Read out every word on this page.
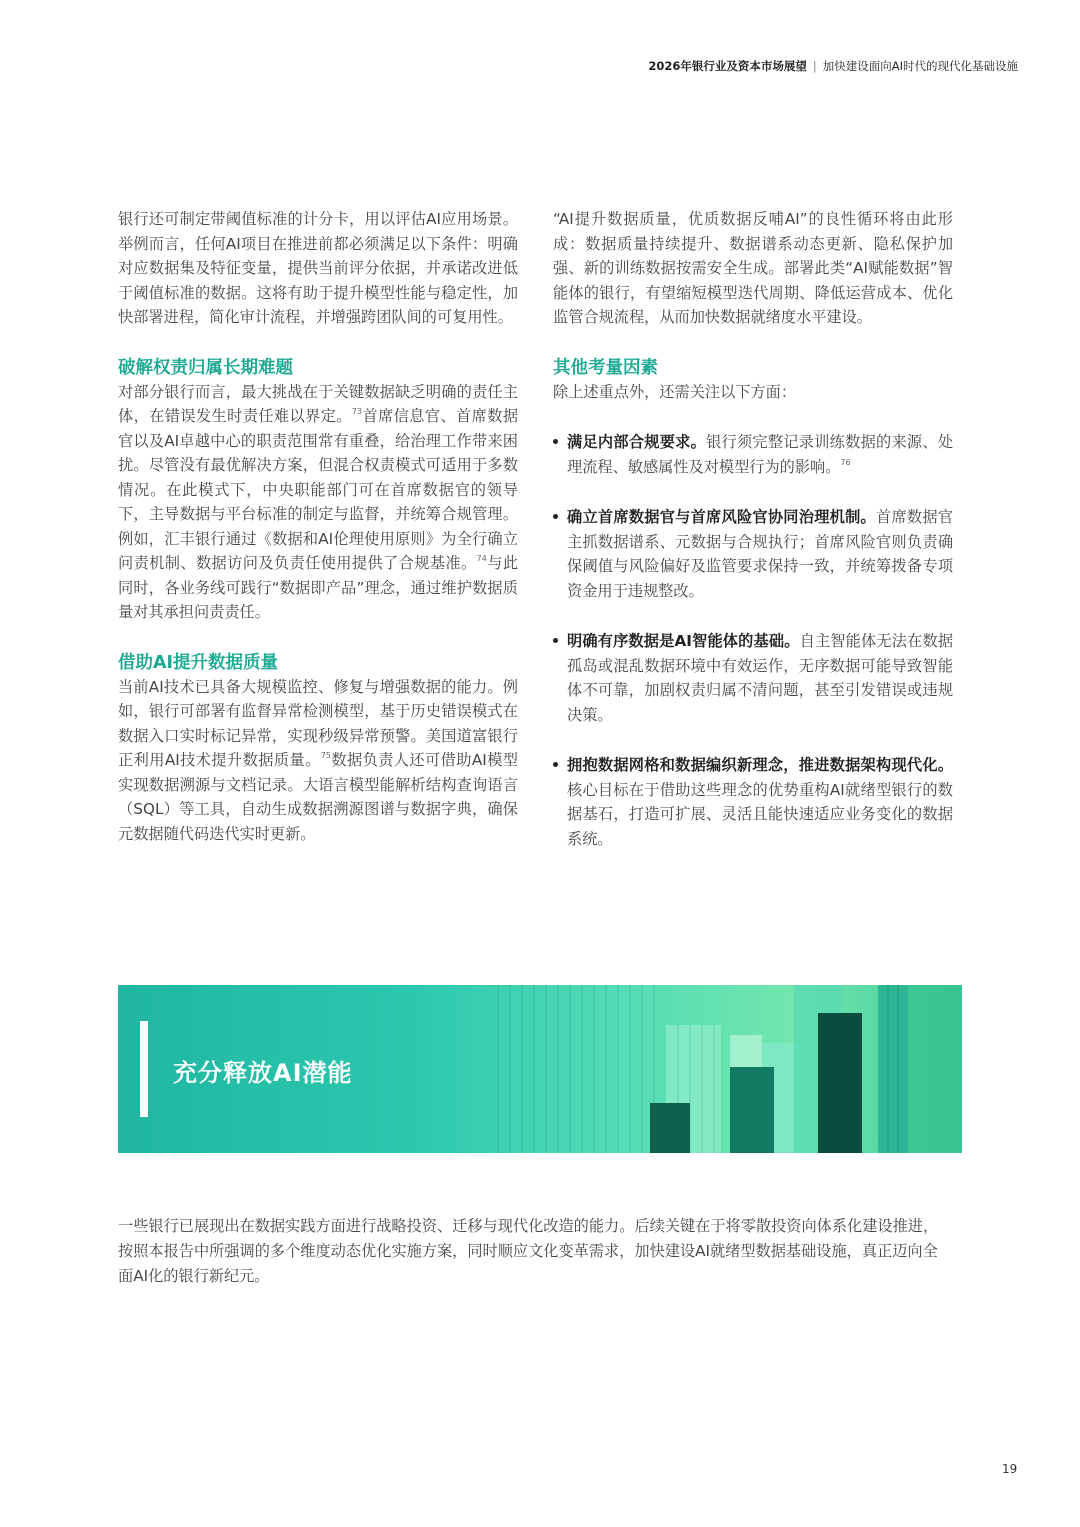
2026年银行业及资本市场展望 | 加快建设面向AI时代的现代化基础设施

银行还可制定带阈值标准的计分卡，用以评估AI应用场景。举例而言，任何AI项目在推进前都必须满足以下条件：明确对应数据集及特征变量，提供当前评分依据，并承诺改进低于阈值标准的数据。这将有助于提升模型性能与稳定性，加快部署进程，简化审计流程，并增强跨团队间的可复用性。

破解权责归属长期难题

对部分银行而言，最大挑战在于关键数据缺乏明确的责任主体，在错误发生时责任难以界定。$^{73}$首席信息官、首席数据官以及AI卓越中心的职责范围常有重叠，给治理工作带来困扰。尽管没有最优解决方案，但混合权责模式可适用于多数情况。在此模式下，中央职能部门可在首席数据官的领导下，主导数据与平台标准的制定与监督，并统筹合规管理。例如，汇丰银行通过《数据和AI伦理使用原则》为全行确立问责机制、数据访问及负责任使用提供了合规基准。$^{74}$与此同时，各业务线可践行“数据即产品”理念，通过维护数据质量对其承担问责责任。

借助AI提升数据质量

当前AI技术已具备大规模监控、修复与增强数据的能力。例如，银行可部署有监督异常检测模型，基于历史错误模式在数据入口实时标记异常，实现秒级异常预警。美国道富银行正利用AI技术提升数据质量。$^{75}$数据负责人还可借助AI模型实现数据溯源与文档记录。大语言模型能解析结构查询语言（SQL）等工具，自动生成数据溯源图谱与数据字典，确保元数据随代码迭代实时更新。

“AI提升数据质量，优质数据反哺AI”的良性循环将由此形成：数据质量持续提升、数据谱系动态更新、隐私保护加强、新的训练数据按需安全生成。部署此类“AI赋能数据”智能体的银行，有望缩短模型迭代周期、降低运营成本、优化监管合规流程，从而加快数据就绪度水平建设。

其他考量因素

除上述重点外，还需关注以下方面：

满足内部合规要求。银行须完整记录训练数据的来源、处理流程、敏感属性及对模型行为的影响。$^{76}$

确立首席数据官与首席风险官协同治理机制。首席数据官主抓数据谱系、元数据与合规执行；首席风险官则负责确保阈值与风险偏好及监管要求保持一致，并统筹拨备专项资金用于违规整改。

明确有序数据是AI智能体的基础。自主智能体无法在数据孤岛或混乱数据环境中有效运作，无序数据可能导致智能体不可靠，加剧权责归属不清问题，甚至引发错误或违规决策。

拥抱数据网格和数据编织新理念，推进数据架构现代化。核心目标在于借助这些理念的优势重构AI就绪型银行的数据基石，打造可扩展、灵活且能快速适应业务变化的数据系统。

充分释放AI潜能

一些银行已展现出在数据实践方面进行战略投资、迁移与现代化改造的能力。后续关键在于将零散投资向体系化建设推进，按照本报告中所强调的多个维度动态优化实施方案，同时顺应文化变革需求，加快建设AI就绪型数据基础设施，真正迈向全面AI化的银行新纪元。

19
